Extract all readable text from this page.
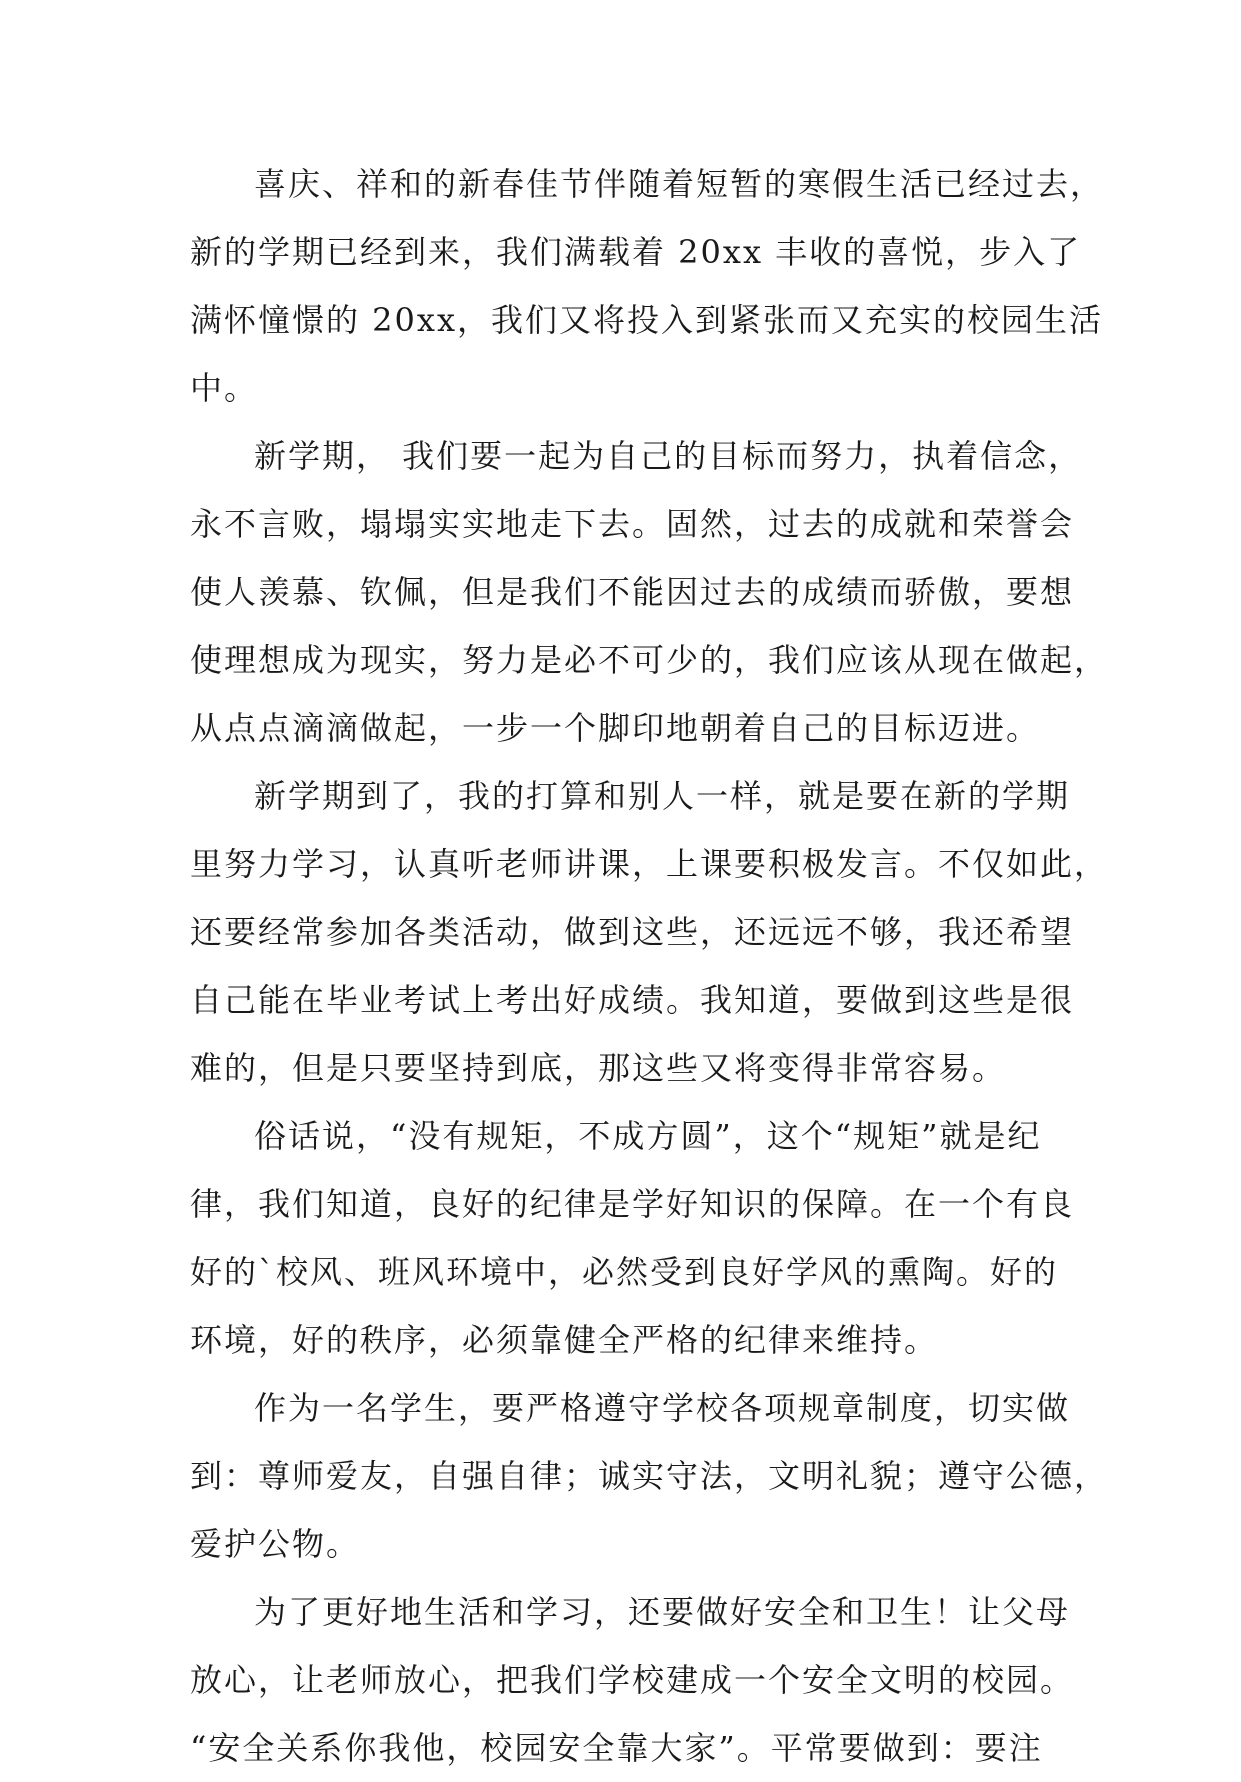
喜庆、祥和的新春佳节伴随着短暂的寒假生活已经过去，
新的学期已经到来，我们满载着 20xx 丰收的喜悦，步入了
满怀憧憬的 20xx，我们又将投入到紧张而又充实的校园生活
中。
新学期， 我们要一起为自己的目标而努力，执着信念，
永不言败，塌塌实实地走下去。固然，过去的成就和荣誉会
使人羡慕、钦佩，但是我们不能因过去的成绩而骄傲，要想
使理想成为现实，努力是必不可少的，我们应该从现在做起，
从点点滴滴做起，一步一个脚印地朝着自己的目标迈进。
新学期到了，我的打算和别人一样，就是要在新的学期
里努力学习，认真听老师讲课，上课要积极发言。不仅如此，
还要经常参加各类活动，做到这些，还远远不够，我还希望
自己能在毕业考试上考出好成绩。我知道，要做到这些是很
难的，但是只要坚持到底，那这些又将变得非常容易。
俗话说，“没有规矩，不成方圆”，这个“规矩”就是纪
律，我们知道，良好的纪律是学好知识的保障。在一个有良
好的`校风、班风环境中，必然受到良好学风的熏陶。好的
环境，好的秩序，必须靠健全严格的纪律来维持。
作为一名学生，要严格遵守学校各项规章制度，切实做
到：尊师爱友，自强自律；诚实守法，文明礼貌；遵守公德，
爱护公物。
为了更好地生活和学习，还要做好安全和卫生！让父母
放心，让老师放心，把我们学校建成一个安全文明的校园。
“安全关系你我他，校园安全靠大家”。平常要做到：要注
